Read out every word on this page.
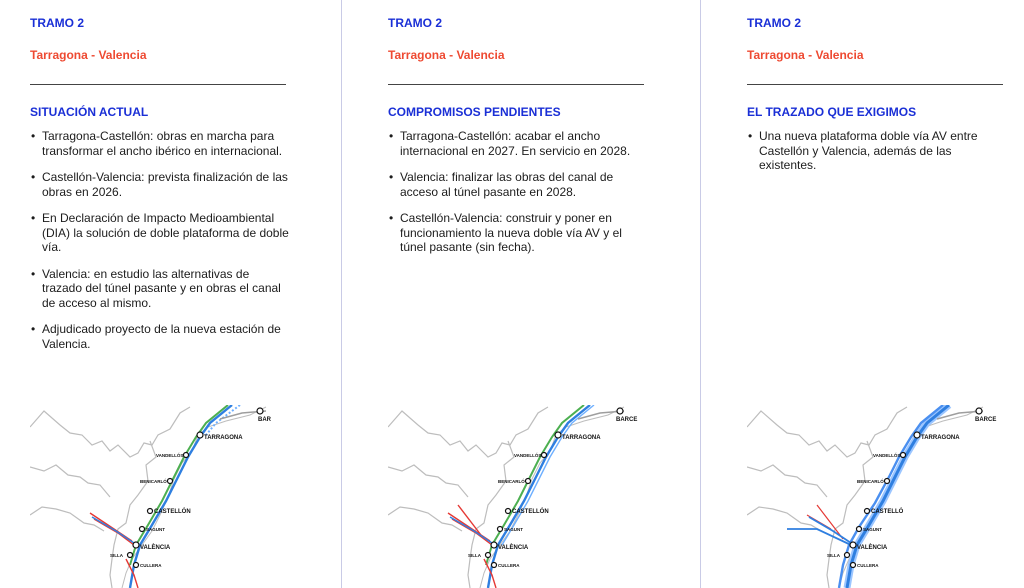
TRAMO 2

Tarragona - Valencia

SITUACIÓN ACTUAL

• Tarragona-Castellón: obras en marcha para transformar el ancho ibérico en internacional.
• Castellón-Valencia: prevista finalización de las obras en 2026.
• En Declaración de Impacto Medioambiental (DIA) la solución de doble plataforma de doble vía.
• Valencia: en estudio las alternativas de trazado del túnel pasante y en obras el canal de acceso al mismo.
• Adjudicado proyecto de la nueva estación de Valencia.
BAR
TARRAGONA
VANDELLÓS
BENICARLÓ
CASTELLÓN
SAGUNT
VALÈNCIA
SILLA
CULLERA

TRAMO 2

Tarragona - Valencia

COMPROMISOS PENDIENTES

• Tarragona-Castellón: acabar el ancho internacional en 2027. En servicio en 2028.
• Valencia: finalizar las obras del canal de acceso al túnel pasante en 2028.
• Castellón-Valencia: construir y poner en funcionamiento la nueva doble vía AV y el túnel pasante (sin fecha).
BARCE
TARRAGONA
VANDELLÓS
BENICARLÓ
CASTELLÓN
SAGUNT
VALÈNCIA
SILLA
CULLERA

TRAMO 2

Tarragona - Valencia

EL TRAZADO QUE EXIGIMOS

• Una nueva plataforma doble vía AV entre Castellón y Valencia, además de las existentes.
BARCE
TARRAGONA
VANDELLÓS
BENICARLÓ
CASTELLÓ
SAGUNT
VALÈNCIA
SILLA
CULLERA
